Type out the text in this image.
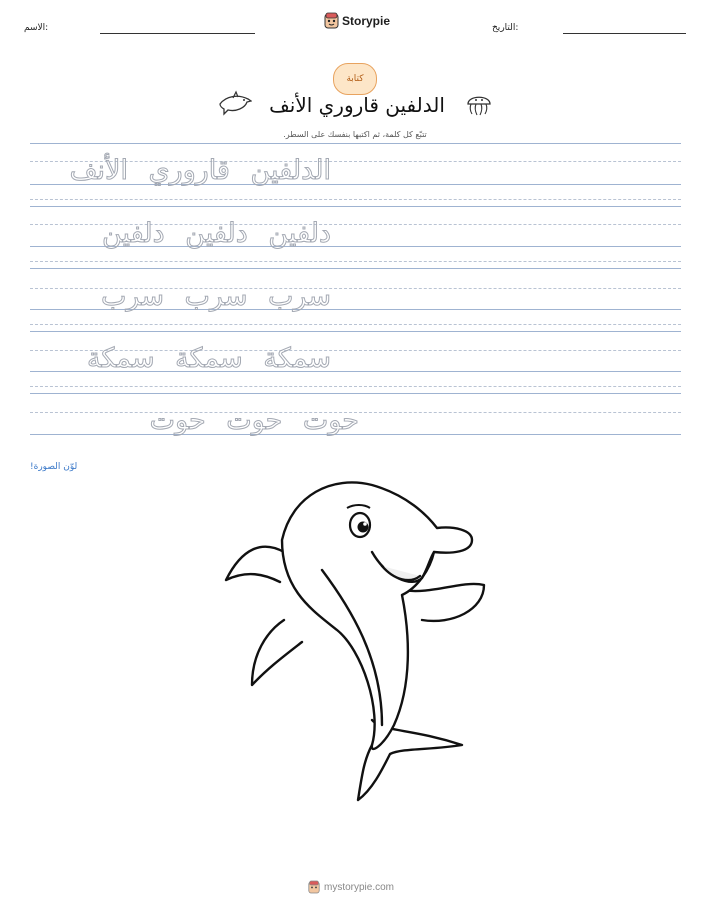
الاسم:
Storypie
التاريخ:
كتابة
الدلفين قاروري الأنف
تتبّع كل كلمة، ثم اكتبها بنفسك على السطر.
الدلفين قاروري الأنف
دلفين دلفين دلفين
سرب سرب سرب
سمكة سمكة سمكة
حوت حوت حوت
لوّن الصورة!
mystorypie.com
